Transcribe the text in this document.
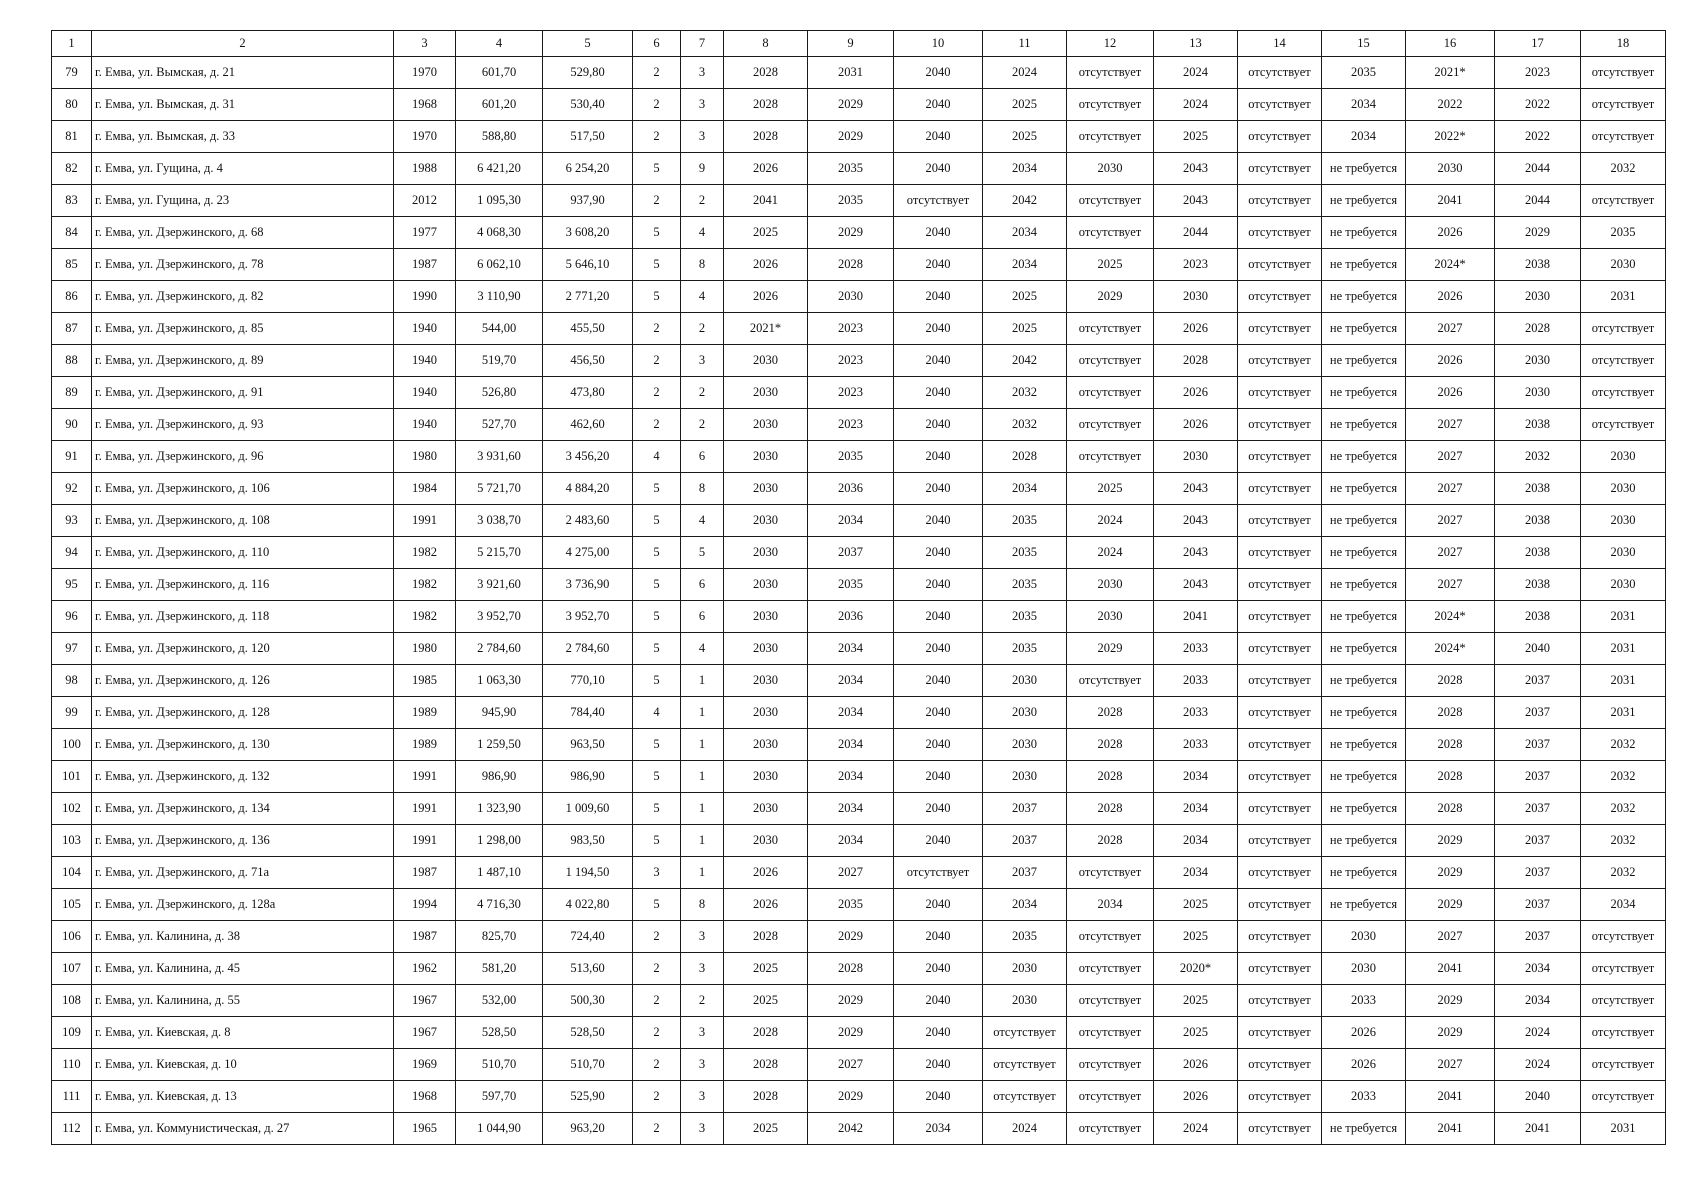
1	2	3	4	5	6	7	8	9	10	11	12	13	14	15	16	17	18
79	г. Емва, ул. Вымская, д. 21	1970	601,70	529,80	2	3	2028	2031	2040	2024	отсутствует	2024	отсутствует	2035	2021*	2023	отсутствует
80	г. Емва, ул. Вымская, д. 31	1968	601,20	530,40	2	3	2028	2029	2040	2025	отсутствует	2024	отсутствует	2034	2022	2022	отсутствует
81	г. Емва, ул. Вымская, д. 33	1970	588,80	517,50	2	3	2028	2029	2040	2025	отсутствует	2025	отсутствует	2034	2022*	2022	отсутствует
82	г. Емва, ул. Гущина, д. 4	1988	6 421,20	6 254,20	5	9	2026	2035	2040	2034	2030	2043	отсутствует	не требуется	2030	2044	2032
83	г. Емва, ул. Гущина, д. 23	2012	1 095,30	937,90	2	2	2041	2035	отсутствует	2042	отсутствует	2043	отсутствует	не требуется	2041	2044	отсутствует
84	г. Емва, ул. Дзержинского, д. 68	1977	4 068,30	3 608,20	5	4	2025	2029	2040	2034	отсутствует	2044	отсутствует	не требуется	2026	2029	2035
85	г. Емва, ул. Дзержинского, д. 78	1987	6 062,10	5 646,10	5	8	2026	2028	2040	2034	2025	2023	отсутствует	не требуется	2024*	2038	2030
86	г. Емва, ул. Дзержинского, д. 82	1990	3 110,90	2 771,20	5	4	2026	2030	2040	2025	2029	2030	отсутствует	не требуется	2026	2030	2031
87	г. Емва, ул. Дзержинского, д. 85	1940	544,00	455,50	2	2	2021*	2023	2040	2025	отсутствует	2026	отсутствует	не требуется	2027	2028	отсутствует
88	г. Емва, ул. Дзержинского, д. 89	1940	519,70	456,50	2	3	2030	2023	2040	2042	отсутствует	2028	отсутствует	не требуется	2026	2030	отсутствует
89	г. Емва, ул. Дзержинского, д. 91	1940	526,80	473,80	2	2	2030	2023	2040	2032	отсутствует	2026	отсутствует	не требуется	2026	2030	отсутствует
90	г. Емва, ул. Дзержинского, д. 93	1940	527,70	462,60	2	2	2030	2023	2040	2032	отсутствует	2026	отсутствует	не требуется	2027	2038	отсутствует
91	г. Емва, ул. Дзержинского, д. 96	1980	3 931,60	3 456,20	4	6	2030	2035	2040	2028	отсутствует	2030	отсутствует	не требуется	2027	2032	2030
92	г. Емва, ул. Дзержинского, д. 106	1984	5 721,70	4 884,20	5	8	2030	2036	2040	2034	2025	2043	отсутствует	не требуется	2027	2038	2030
93	г. Емва, ул. Дзержинского, д. 108	1991	3 038,70	2 483,60	5	4	2030	2034	2040	2035	2024	2043	отсутствует	не требуется	2027	2038	2030
94	г. Емва, ул. Дзержинского, д. 110	1982	5 215,70	4 275,00	5	5	2030	2037	2040	2035	2024	2043	отсутствует	не требуется	2027	2038	2030
95	г. Емва, ул. Дзержинского, д. 116	1982	3 921,60	3 736,90	5	6	2030	2035	2040	2035	2030	2043	отсутствует	не требуется	2027	2038	2030
96	г. Емва, ул. Дзержинского, д. 118	1982	3 952,70	3 952,70	5	6	2030	2036	2040	2035	2030	2041	отсутствует	не требуется	2024*	2038	2031
97	г. Емва, ул. Дзержинского, д. 120	1980	2 784,60	2 784,60	5	4	2030	2034	2040	2035	2029	2033	отсутствует	не требуется	2024*	2040	2031
98	г. Емва, ул. Дзержинского, д. 126	1985	1 063,30	770,10	5	1	2030	2034	2040	2030	отсутствует	2033	отсутствует	не требуется	2028	2037	2031
99	г. Емва, ул. Дзержинского, д. 128	1989	945,90	784,40	4	1	2030	2034	2040	2030	2028	2033	отсутствует	не требуется	2028	2037	2031
100	г. Емва, ул. Дзержинского, д. 130	1989	1 259,50	963,50	5	1	2030	2034	2040	2030	2028	2033	отсутствует	не требуется	2028	2037	2032
101	г. Емва, ул. Дзержинского, д. 132	1991	986,90	986,90	5	1	2030	2034	2040	2030	2028	2034	отсутствует	не требуется	2028	2037	2032
102	г. Емва, ул. Дзержинского, д. 134	1991	1 323,90	1 009,60	5	1	2030	2034	2040	2037	2028	2034	отсутствует	не требуется	2028	2037	2032
103	г. Емва, ул. Дзержинского, д. 136	1991	1 298,00	983,50	5	1	2030	2034	2040	2037	2028	2034	отсутствует	не требуется	2029	2037	2032
104	г. Емва, ул. Дзержинского, д. 71а	1987	1 487,10	1 194,50	3	1	2026	2027	отсутствует	2037	отсутствует	2034	отсутствует	не требуется	2029	2037	2032
105	г. Емва, ул. Дзержинского, д. 128а	1994	4 716,30	4 022,80	5	8	2026	2035	2040	2034	2034	2025	отсутствует	не требуется	2029	2037	2034
106	г. Емва, ул. Калинина, д. 38	1987	825,70	724,40	2	3	2028	2029	2040	2035	отсутствует	2025	отсутствует	2030	2027	2037	отсутствует
107	г. Емва, ул. Калинина, д. 45	1962	581,20	513,60	2	3	2025	2028	2040	2030	отсутствует	2020*	отсутствует	2030	2041	2034	отсутствует
108	г. Емва, ул. Калинина, д. 55	1967	532,00	500,30	2	2	2025	2029	2040	2030	отсутствует	2025	отсутствует	2033	2029	2034	отсутствует
109	г. Емва, ул. Киевская, д. 8	1967	528,50	528,50	2	3	2028	2029	2040	отсутствует	отсутствует	2025	отсутствует	2026	2029	2024	отсутствует
110	г. Емва, ул. Киевская, д. 10	1969	510,70	510,70	2	3	2028	2027	2040	отсутствует	отсутствует	2026	отсутствует	2026	2027	2024	отсутствует
111	г. Емва, ул. Киевская, д. 13	1968	597,70	525,90	2	3	2028	2029	2040	отсутствует	отсутствует	2026	отсутствует	2033	2041	2040	отсутствует
112	г. Емва, ул. Коммунистическая, д. 27	1965	1 044,90	963,20	2	3	2025	2042	2034	2024	отсутствует	2024	отсутствует	не требуется	2041	2041	2031
